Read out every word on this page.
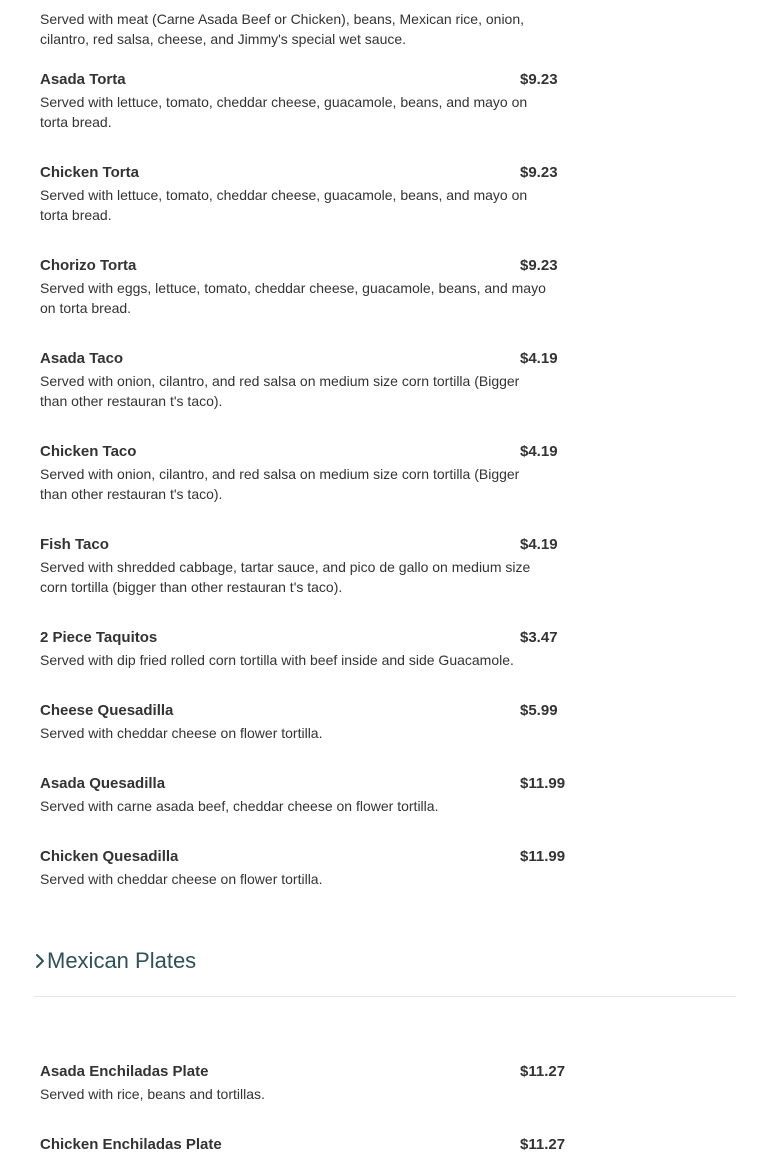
Served with meat (Carne Asada Beef or Chicken), beans, Mexican rice, onion, cilantro, red salsa, cheese, and Jimmy's special wet sauce.
Asada Torta	$9.23
Served with lettuce, tomato, cheddar cheese, guacamole, beans, and mayo on torta bread.
Chicken Torta	$9.23
Served with lettuce, tomato, cheddar cheese, guacamole, beans, and mayo on torta bread.
Chorizo Torta	$9.23
Served with eggs, lettuce, tomato, cheddar cheese, guacamole, beans, and mayo on torta bread.
Asada Taco	$4.19
Served with onion, cilantro, and red salsa on medium size corn tortilla (Bigger than other restauran t's taco).
Chicken Taco	$4.19
Served with onion, cilantro, and red salsa on medium size corn tortilla (Bigger than other restauran t's taco).
Fish Taco	$4.19
Served with shredded cabbage, tartar sauce, and pico de gallo on medium size corn tortilla (bigger than other restauran t's taco).
2 Piece Taquitos	$3.47
Served with dip fried rolled corn tortilla with beef inside and side Guacamole.
Cheese Quesadilla	$5.99
Served with cheddar cheese on flower tortilla.
Asada Quesadilla	$11.99
Served with carne asada beef, cheddar cheese on flower tortilla.
Chicken Quesadilla	$11.99
Served with cheddar cheese on flower tortilla.
Mexican Plates
Asada Enchiladas Plate	$11.27
Served with rice, beans and tortillas.
Chicken Enchiladas Plate	$11.27
